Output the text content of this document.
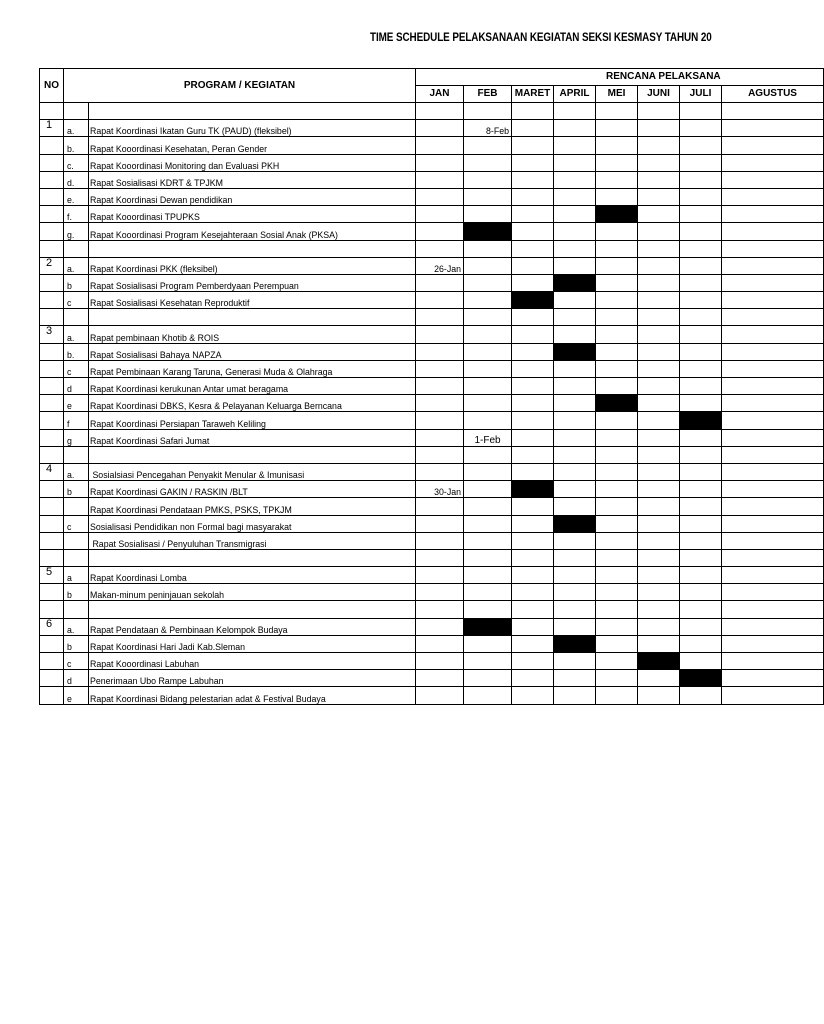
TIME SCHEDULE PELAKSANAAN KEGIATAN SEKSI KESMASY TAHUN 20
NO	PROGRAM / KEGIATAN		RENCANA PELAKSANA							
			JAN	FEB	MARET	APRIL	MEI	JUNI	JULI	AGUSTUS

1	a.	Rapat Koordinasi Ikatan Guru TK (PAUD) (fleksibel)		8-Feb						
	b.	Rapat Kooordinasi Kesehatan, Peran Gender								
	c.	Rapat Kooordinasi Monitoring dan Evaluasi PKH								
	d.	Rapat Sosialisasi KDRT & TPJKM								
	e.	Rapat Koordinasi Dewan pendidikan								
	f.	Rapat Kooordinasi TPUPKS								
	g.	Rapat Kooordinasi Program Kesejahteraan Sosial Anak (PKSA)								

2	a.	Rapat Koordinasi PKK (fleksibel)	26-Jan							
	b	Rapat Sosialisasi Program Pemberdyaan Perempuan								
	c	Rapat Sosialisasi Kesehatan Reproduktif								

3	a.	Rapat pembinaan Khotib & ROIS								
	b.	Rapat Sosialisasi Bahaya NAPZA								
	c	Rapat Pembinaan Karang Taruna, Generasi Muda & Olahraga								
	d	Rapat Koordinasi kerukunan Antar umat beragama								
	e	Rapat Koordinasi DBKS, Kesra & Pelayanan Keluarga Berncana								
	f	Rapat Koordinasi Persiapan Taraweh Keliling								
	g	Rapat Koordinasi Safari Jumat		1-Feb						

4	a.	Sosialsiasi Pencegahan Penyakit Menular & Imunisasi								
	b	Rapat Koordinasi GAKIN / RASKIN /BLT	30-Jan							
		Rapat Koordinasi Pendataan PMKS, PSKS, TPKJM								
	c	Sosialisasi Pendidikan non Formal bagi masyarakat								
		Rapat Sosialisasi / Penyuluhan Transmigrasi								

5	a	Rapat Koordinasi Lomba								
	b	Makan-minum peninjauan sekolah								

6	a.	Rapat Pendataan & Pembinaan Kelompok Budaya								
	b	Rapat Koordinasi Hari Jadi Kab.Sleman								
	c	Rapat Kooordinasi Labuhan								
	d	Penerimaan Ubo Rampe Labuhan								
	e	Rapat Koordinasi Bidang pelestarian adat & Festival Budaya								
